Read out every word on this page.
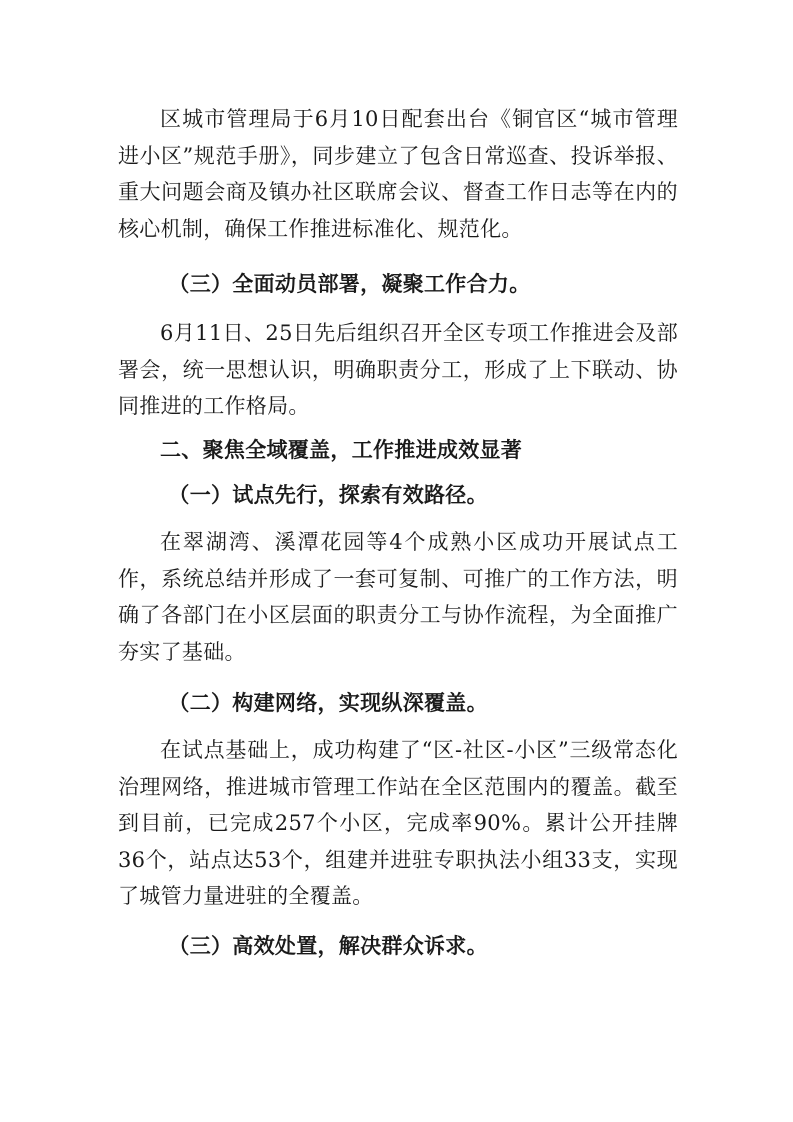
区城市管理局于6月10日配套出台《铜官区“城市管理进小区”规范手册》，同步建立了包含日常巡查、投诉举报、重大问题会商及镇办社区联席会议、督查工作日志等在内的核心机制，确保工作推进标准化、规范化。

（三）全面动员部署，凝聚工作合力。

6月11日、25日先后组织召开全区专项工作推进会及部署会，统一思想认识，明确职责分工，形成了上下联动、协同推进的工作格局。

二、聚焦全域覆盖，工作推进成效显著

（一）试点先行，探索有效路径。

在翠湖湾、溪潭花园等4个成熟小区成功开展试点工作，系统总结并形成了一套可复制、可推广的工作方法，明确了各部门在小区层面的职责分工与协作流程，为全面推广夯实了基础。

（二）构建网络，实现纵深覆盖。

在试点基础上，成功构建了“区-社区-小区”三级常态化治理网络，推进城市管理工作站在全区范围内的覆盖。截至到目前，已完成257个小区，完成率90%。累计公开挂牌36个，站点达53个，组建并进驻专职执法小组33支，实现了城管力量进驻的全覆盖。

（三）高效处置，解决群众诉求。
